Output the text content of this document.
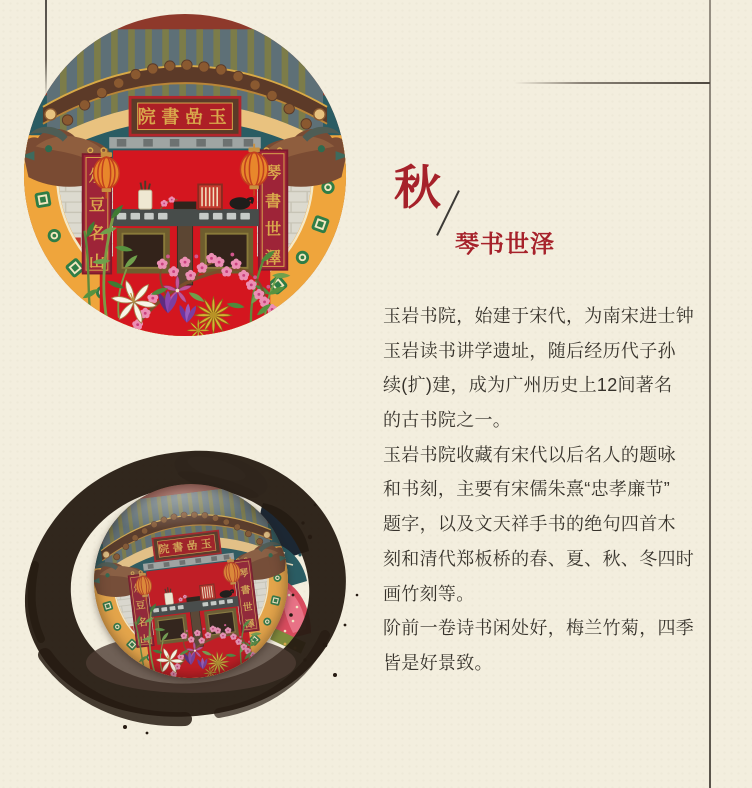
秋
琴书世泽
玉岩书院，始建于宋代，为南宋进士钟
玉岩读书讲学遗址，随后经历代子孙
续(扩)建，成为广州历史上12间著名
的古书院之一。
玉岩书院收藏有宋代以后名人的题咏
和书刻，主要有宋儒朱熹“忠孝廉节”
题字，以及文天祥手书的绝句四首木
刻和清代郑板桥的春、夏、秋、冬四时
画竹刻等。
阶前一卷诗书闲处好，梅兰竹菊，四季
皆是好景致。
